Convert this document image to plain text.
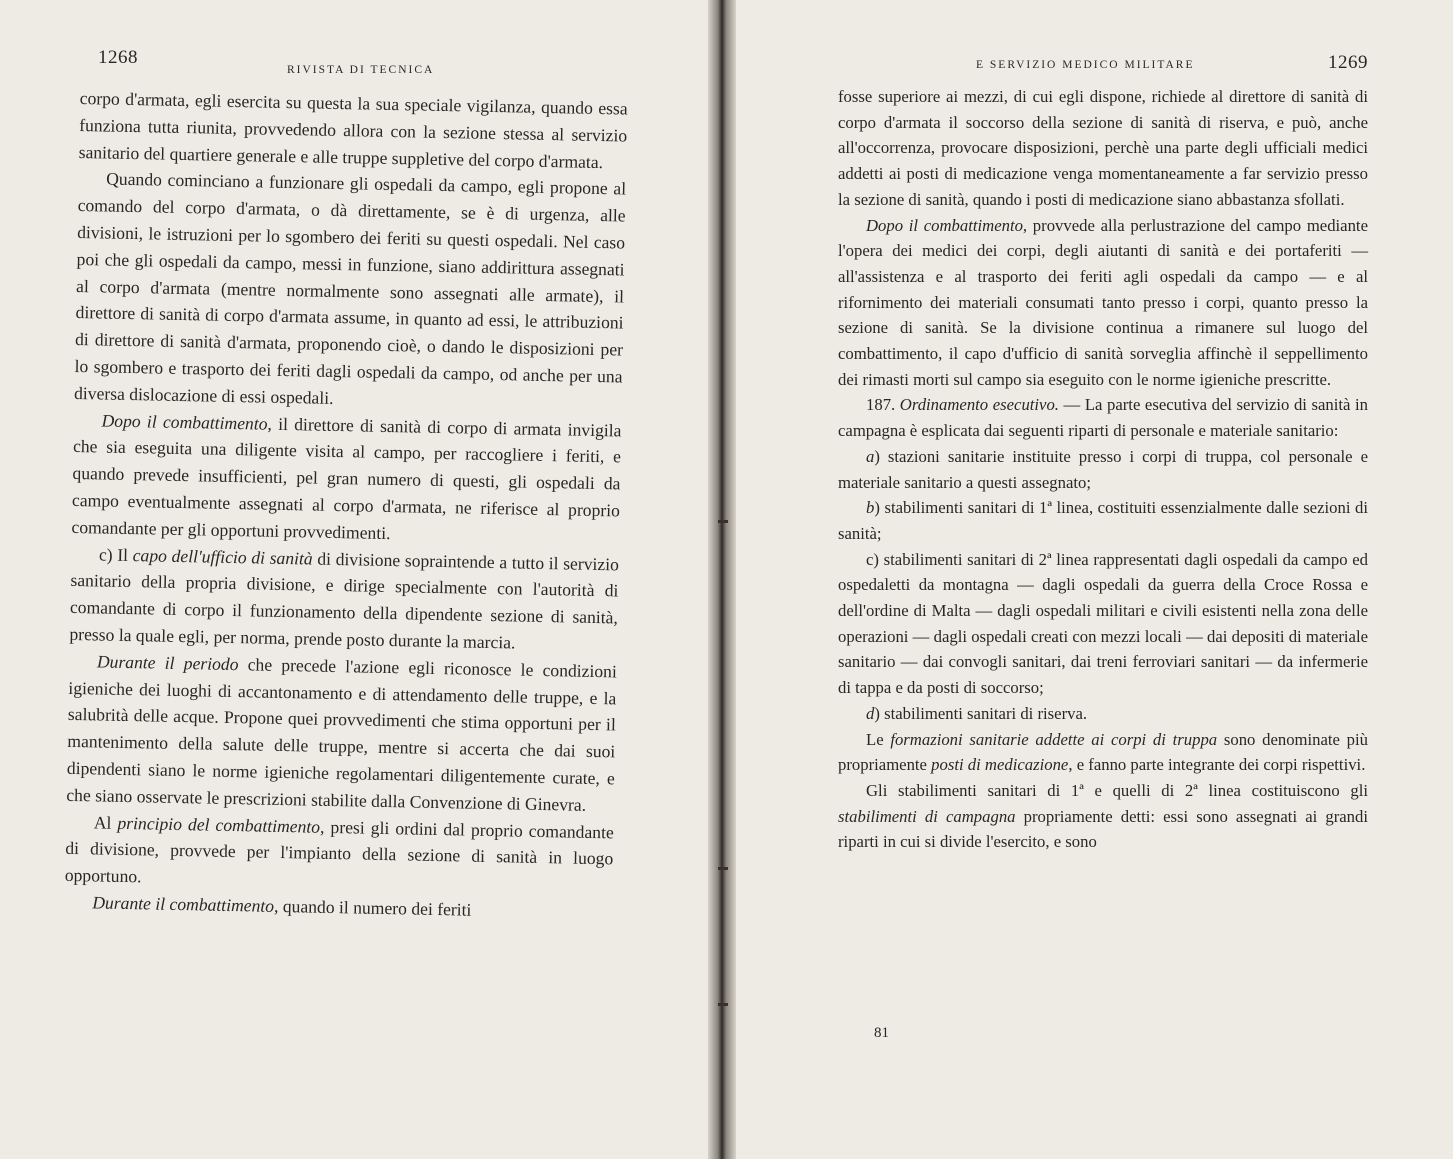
1268
RIVISTA DI TECNICA

corpo d'armata, egli esercita su questa la sua speciale vigilanza, quando essa funziona tutta riunita, provvedendo allora con la sezione stessa al servizio sanitario del quartiere generale e alle truppe suppletive del corpo d'armata.

Quando cominciano a funzionare gli ospedali da campo, egli propone al comando del corpo d'armata, o dà direttamente, se è di urgenza, alle divisioni, le istruzioni per lo sgombero dei feriti su questi ospedali. Nel caso poi che gli ospedali da campo, messi in funzione, siano addirittura assegnati al corpo d'armata (mentre normalmente sono assegnati alle armate), il direttore di sanità di corpo d'armata assume, in quanto ad essi, le attribuzioni di direttore di sanità d'armata, proponendo cioè, o dando le disposizioni per lo sgombero e trasporto dei feriti dagli ospedali da campo, od anche per una diversa dislocazione di essi ospedali.

Dopo il combattimento, il direttore di sanità di corpo di armata invigila che sia eseguita una diligente visita al campo, per raccogliere i feriti, e quando prevede insufficienti, pel gran numero di questi, gli ospedali da campo eventualmente assegnati al corpo d'armata, ne riferisce al proprio comandante per gli opportuni provvedimenti.

c) Il capo dell'ufficio di sanità di divisione sopraintende a tutto il servizio sanitario della propria divisione, e dirige specialmente con l'autorità di comandante di corpo il funzionamento della dipendente sezione di sanità, presso la quale egli, per norma, prende posto durante la marcia.

Durante il periodo che precede l'azione egli riconosce le condizioni igieniche dei luoghi di accantonamento e di attendamento delle truppe, e la salubrità delle acque. Propone quei provvedimenti che stima opportuni per il mantenimento della salute delle truppe, mentre si accerta che dai suoi dipendenti siano le norme igieniche regolamentari diligentemente curate, e che siano osservate le prescrizioni stabilite dalla Convenzione di Ginevra.

Al principio del combattimento, presi gli ordini dal proprio comandante di divisione, provvede per l'impianto della sezione di sanità in luogo opportuno.

Durante il combattimento, quando il numero dei feriti

E SERVIZIO MEDICO MILITARE	1269

fosse superiore ai mezzi, di cui egli dispone, richiede al direttore di sanità di corpo d'armata il soccorso della sezione di sanità di riserva, e può, anche all'occorrenza, provocare disposizioni, perchè una parte degli ufficiali medici addetti ai posti di medicazione venga momentaneamente a far servizio presso la sezione di sanità, quando i posti di medicazione siano abbastanza sfollati.

Dopo il combattimento, provvede alla perlustrazione del campo mediante l'opera dei medici dei corpi, degli aiutanti di sanità e dei portaferiti — all'assistenza e al trasporto dei feriti agli ospedali da campo — e al rifornimento dei materiali consumati tanto presso i corpi, quanto presso la sezione di sanità. Se la divisione continua a rimanere sul luogo del combattimento, il capo d'ufficio di sanità sorveglia affinchè il seppellimento dei rimasti morti sul campo sia eseguito con le norme igieniche prescritte.

187. Ordinamento esecutivo. — La parte esecutiva del servizio di sanità in campagna è esplicata dai seguenti riparti di personale e materiale sanitario:

a) stazioni sanitarie instituite presso i corpi di truppa, col personale e materiale sanitario a questi assegnato;

b) stabilimenti sanitari di 1ª linea, costituiti essenzialmente dalle sezioni di sanità;

c) stabilimenti sanitari di 2ª linea rappresentati dagli ospedali da campo ed ospedaletti da montagna — dagli ospedali da guerra della Croce Rossa e dell'ordine di Malta — dagli ospedali militari e civili esistenti nella zona delle operazioni — dagli ospedali creati con mezzi locali — dai depositi di materiale sanitario — dai convogli sanitari, dai treni ferroviari sanitari — da infermerie di tappa e da posti di soccorso;

d) stabilimenti sanitari di riserva.

Le formazioni sanitarie addette ai corpi di truppa sono denominate più propriamente posti di medicazione, e fanno parte integrante dei corpi rispettivi.

Gli stabilimenti sanitari di 1ª e quelli di 2ª linea costituiscono gli stabilimenti di campagna propriamente detti: essi sono assegnati ai grandi riparti in cui si divide l'esercito, e sono

81
